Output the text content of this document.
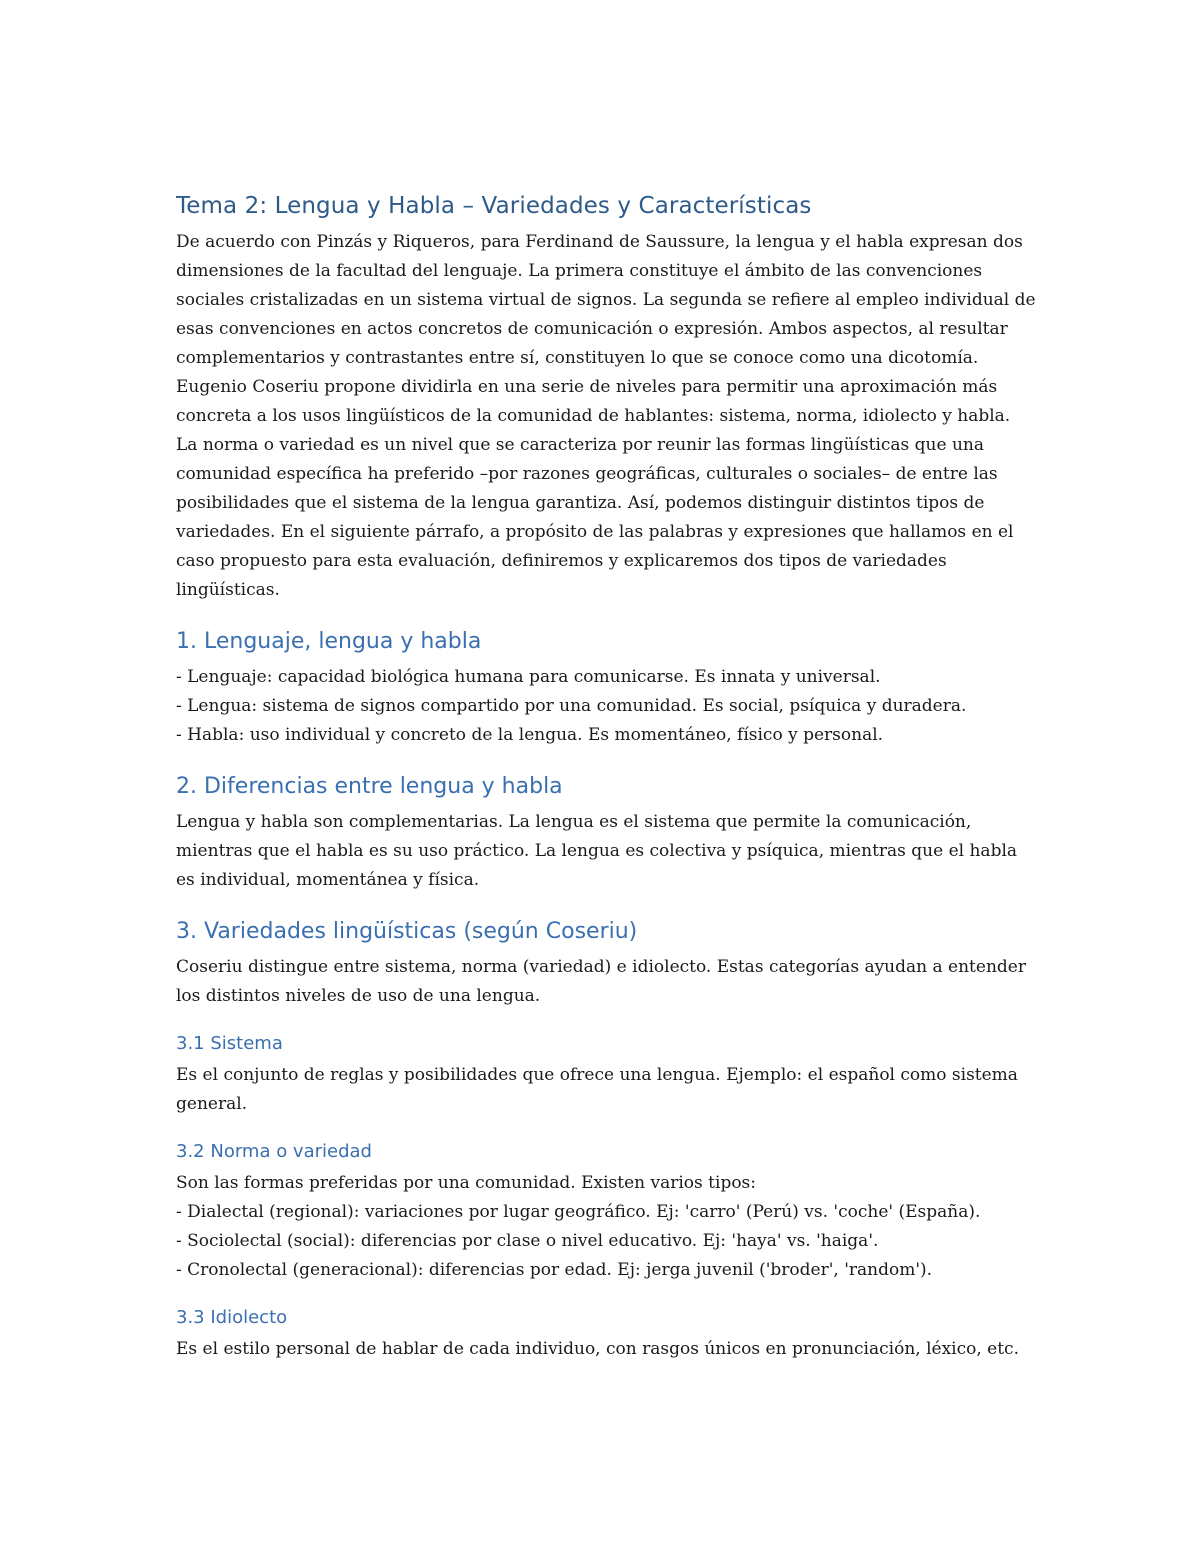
Tema 2: Lengua y Habla – Variedades y Características

De acuerdo con Pinzás y Riqueros, para Ferdinand de Saussure, la lengua y el habla expresan dos dimensiones de la facultad del lenguaje. La primera constituye el ámbito de las convenciones sociales cristalizadas en un sistema virtual de signos. La segunda se refiere al empleo individual de esas convenciones en actos concretos de comunicación o expresión. Ambos aspectos, al resultar complementarios y contrastantes entre sí, constituyen lo que se conoce como una dicotomía. Eugenio Coseriu propone dividirla en una serie de niveles para permitir una aproximación más concreta a los usos lingüísticos de la comunidad de hablantes: sistema, norma, idiolecto y habla. La norma o variedad es un nivel que se caracteriza por reunir las formas lingüísticas que una comunidad específica ha preferido –por razones geográficas, culturales o sociales– de entre las posibilidades que el sistema de la lengua garantiza. Así, podemos distinguir distintos tipos de variedades. En el siguiente párrafo, a propósito de las palabras y expresiones que hallamos en el caso propuesto para esta evaluación, definiremos y explicaremos dos tipos de variedades lingüísticas.

1. Lenguaje, lengua y habla

- Lenguaje: capacidad biológica humana para comunicarse. Es innata y universal.
- Lengua: sistema de signos compartido por una comunidad. Es social, psíquica y duradera.
- Habla: uso individual y concreto de la lengua. Es momentáneo, físico y personal.

2. Diferencias entre lengua y habla

Lengua y habla son complementarias. La lengua es el sistema que permite la comunicación, mientras que el habla es su uso práctico. La lengua es colectiva y psíquica, mientras que el habla es individual, momentánea y física.

3. Variedades lingüísticas (según Coseriu)

Coseriu distingue entre sistema, norma (variedad) e idiolecto. Estas categorías ayudan a entender los distintos niveles de uso de una lengua.

3.1 Sistema

Es el conjunto de reglas y posibilidades que ofrece una lengua. Ejemplo: el español como sistema general.

3.2 Norma o variedad

Son las formas preferidas por una comunidad. Existen varios tipos:
- Dialectal (regional): variaciones por lugar geográfico. Ej: 'carro' (Perú) vs. 'coche' (España).
- Sociolectal (social): diferencias por clase o nivel educativo. Ej: 'haya' vs. 'haiga'.
- Cronolectal (generacional): diferencias por edad. Ej: jerga juvenil ('broder', 'random').

3.3 Idiolecto

Es el estilo personal de hablar de cada individuo, con rasgos únicos en pronunciación, léxico, etc.
